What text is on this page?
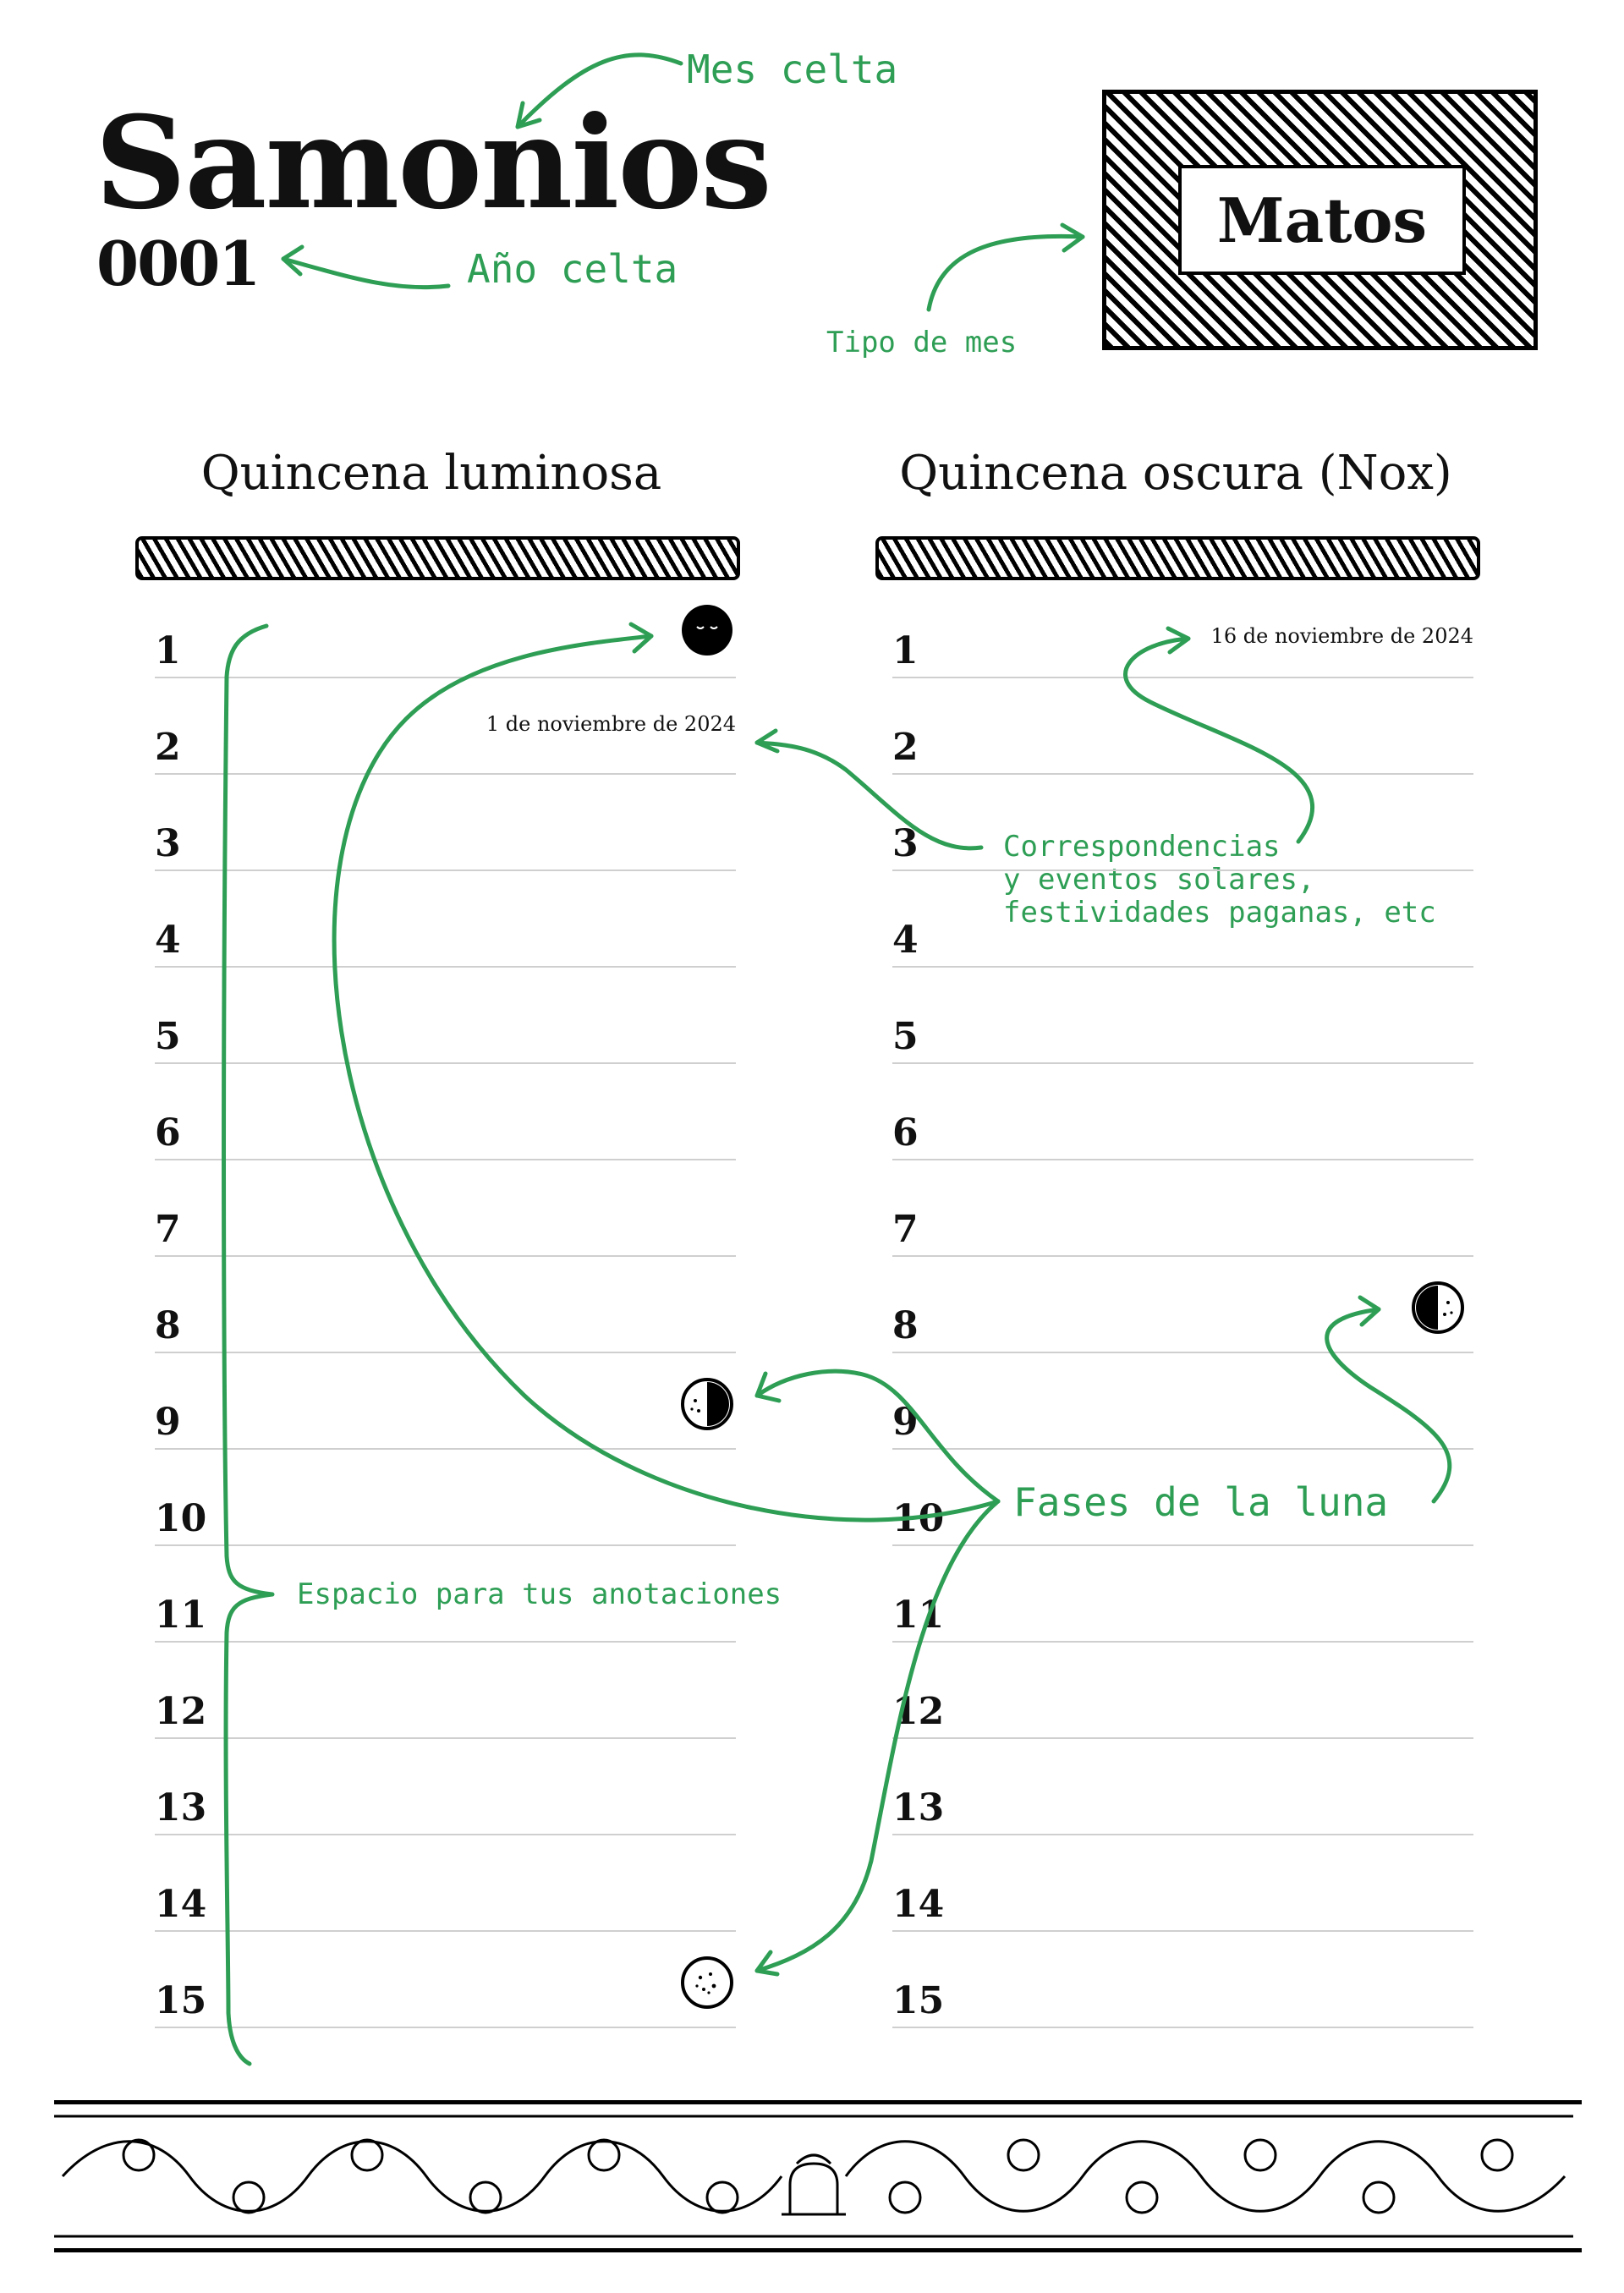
Samonios
0001
Matos
Mes celta
Año celta
Tipo de mes
Correspondencias
y eventos solares,
festividades paganas, etc
Fases de la luna
Espacio para tus anotaciones
Quincena luminosa	Quincena oscura (Nox)
1
2
1 de noviembre de 2024
3
4
5
6
7
8
9
10
11
12
13
14
15
1	16 de noviembre de 2024
2
3
4
5
6
7
8
9
10
11
12
13
14
15
